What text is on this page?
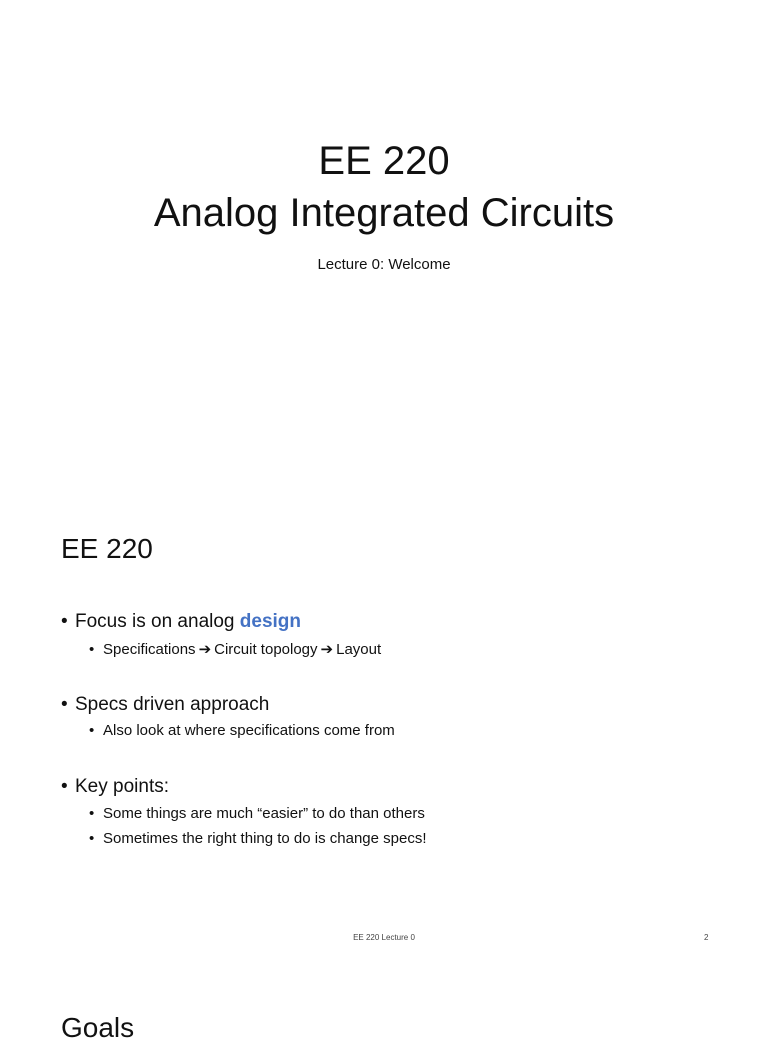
EE 220
Analog Integrated Circuits
Lecture 0: Welcome
EE 220
• Focus is on analog design
• Specifications ➔ Circuit topology ➔ Layout
• Specs driven approach
• Also look at where specifications come from
• Key points:
• Some things are much “easier” to do than others
• Sometimes the right thing to do is change specs!
EE 220 Lecture 0	2
Goals
